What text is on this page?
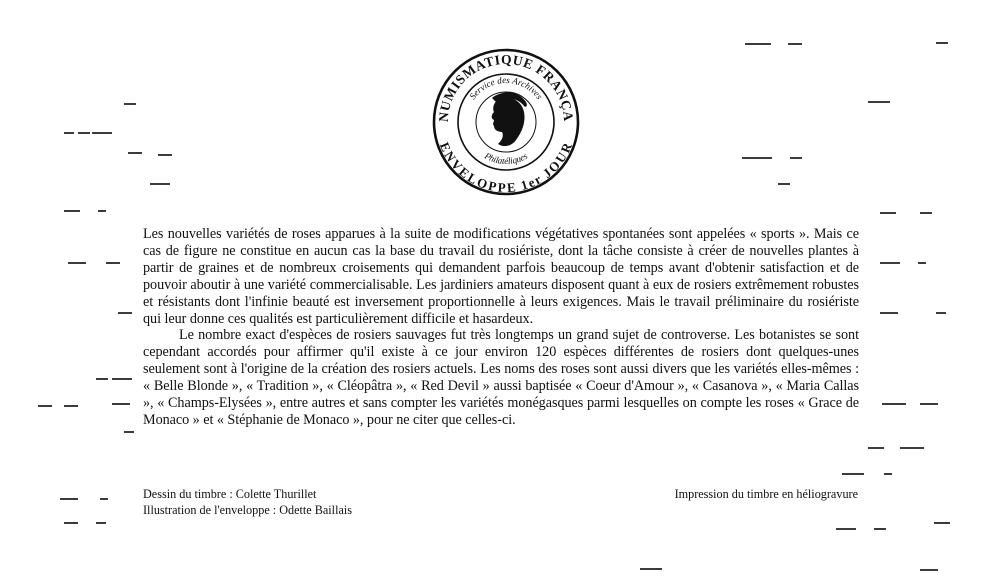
NUMISMATIQUE FRANÇA
ENVELOPPE 1er JOUR
Service des Archives
Philatéliques

Les nouvelles variétés de roses apparues à la suite de modifications végétatives spontanées sont appelées « sports ». Mais ce cas de figure ne constitue en aucun cas la base du travail du rosiériste, dont la tâche consiste à créer de nouvelles plantes à partir de graines et de nombreux croisements qui demandent parfois beaucoup de temps avant d'obtenir satisfaction et de pouvoir aboutir à une variété commercialisable. Les jardiniers amateurs disposent quant à eux de rosiers extrêmement robustes et résistants dont l'infinie beauté est inversement proportionnelle à leurs exigences. Mais le travail préliminaire du rosiériste qui leur donne ces qualités est particulièrement difficile et hasardeux.

Le nombre exact d'espèces de rosiers sauvages fut très longtemps un grand sujet de controverse. Les botanistes se sont cependant accordés pour affirmer qu'il existe à ce jour environ 120 espèces différentes de rosiers dont quelques-unes seulement sont à l'origine de la création des rosiers actuels. Les noms des roses sont aussi divers que les variétés elles-mêmes : « Belle Blonde », « Tradition », « Cléopâtra », « Red Devil » aussi baptisée « Coeur d'Amour », « Casanova », « Maria Callas », « Champs-Elysées », entre autres et sans compter les variétés monégasques parmi lesquelles on compte les roses « Grace de Monaco » et « Stéphanie de Monaco », pour ne citer que celles-ci.

Dessin du timbre : Colette Thurillet
Illustration de l'enveloppe : Odette Baillais
Impression du timbre en héliogravure
